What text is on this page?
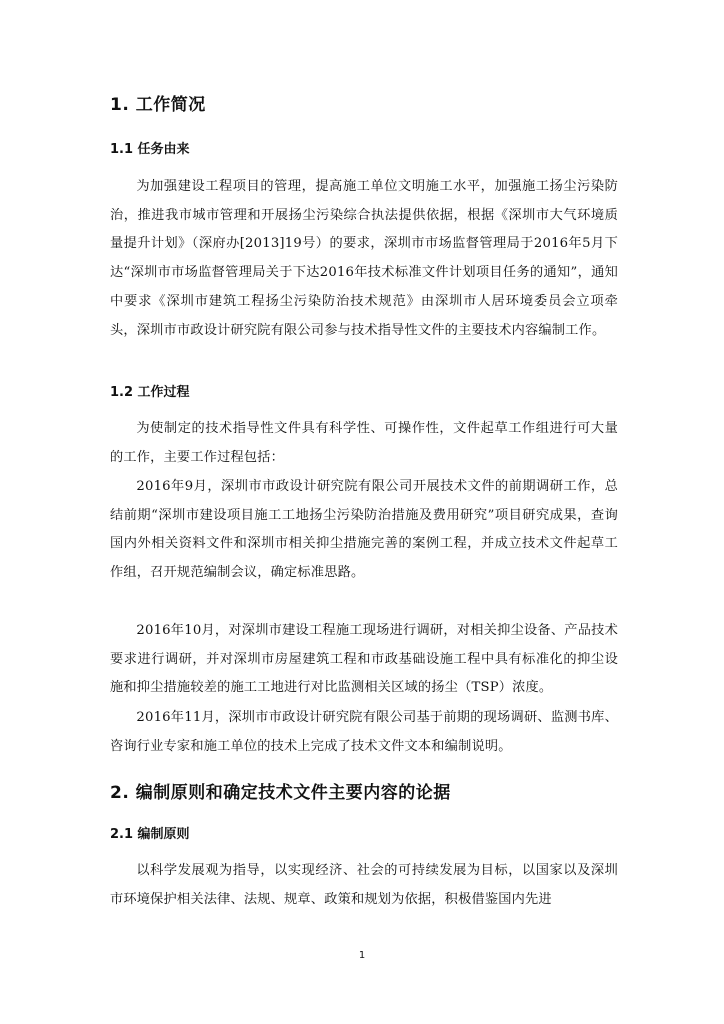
1. 工作简况
1.1 任务由来

为加强建设工程项目的管理，提高施工单位文明施工水平，加强施工扬尘污染防治，推进我市城市管理和开展扬尘污染综合执法提供依据，根据《深圳市大气环境质量提升计划》（深府办[2013]19号）的要求，深圳市市场监督管理局于2016年5月下达“深圳市市场监督管理局关于下达2016年技术标准文件计划项目任务的通知”，通知中要求《深圳市建筑工程扬尘污染防治技术规范》由深圳市人居环境委员会立项牵头，深圳市市政设计研究院有限公司参与技术指导性文件的主要技术内容编制工作。

1.2 工作过程

为使制定的技术指导性文件具有科学性、可操作性，文件起草工作组进行可大量的工作，主要工作过程包括：

2016年9月，深圳市市政设计研究院有限公司开展技术文件的前期调研工作，总结前期“深圳市建设项目施工工地扬尘污染防治措施及费用研究”项目研究成果，查询国内外相关资料文件和深圳市相关抑尘措施完善的案例工程，并成立技术文件起草工作组，召开规范编制会议，确定标准思路。

2016年10月，对深圳市建设工程施工现场进行调研，对相关抑尘设备、产品技术要求进行调研，并对深圳市房屋建筑工程和市政基础设施工程中具有标准化的抑尘设施和抑尘措施较差的施工工地进行对比监测相关区域的扬尘（TSP）浓度。

2016年11月，深圳市市政设计研究院有限公司基于前期的现场调研、监测书库、咨询行业专家和施工单位的技术上完成了技术文件文本和编制说明。

2. 编制原则和确定技术文件主要内容的论据
2.1 编制原则

以科学发展观为指导，以实现经济、社会的可持续发展为目标，以国家以及深圳市环境保护相关法律、法规、规章、政策和规划为依据，积极借鉴国内先进

1
